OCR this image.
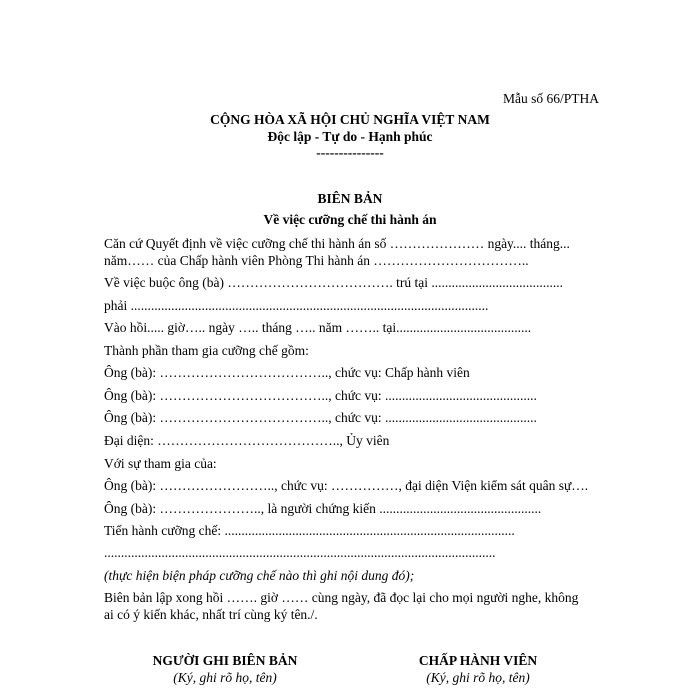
Mẫu số 66/PTHA
CỘNG HÒA XÃ HỘI CHỦ NGHĨA VIỆT NAM
Độc lập - Tự do - Hạnh phúc
---------------
BIÊN BẢN
Về việc cưỡng chế thi hành án
Căn cứ Quyết định về việc cưỡng chế thi hành án số ………………… ngày.... tháng...
năm…… của Chấp hành viên Phòng Thi hành án ……………………………..
Về việc buộc ông (bà) ………………………………. trú tại .......................................
phải ..........................................................................................................
Vào hồi..... giờ….. ngày ….. tháng ….. năm …….. tại........................................
Thành phần tham gia cưỡng chế gồm:
Ông (bà): ……………………………….., chức vụ: Chấp hành viên
Ông (bà): ……………………………….., chức vụ: .............................................
Ông (bà): ……………………………….., chức vụ: .............................................
Đại diện: ………………………………….., Ủy viên
Với sự tham gia của:
Ông (bà): …………………….., chức vụ: ……………, đại diện Viện kiểm sát quân sự….
Ông (bà): ………………….., là người chứng kiến ................................................
Tiến hành cưỡng chế: ......................................................................................
....................................................................................................................
(thực hiện biện pháp cưỡng chế nào thì ghi nội dung đó);
Biên bản lập xong hồi ……. giờ …… cùng ngày, đã đọc lại cho mọi người nghe, không
ai có ý kiến khác, nhất trí cùng ký tên./.
NGƯỜI GHI BIÊN BẢN
(Ký, ghi rõ họ, tên)
CHẤP HÀNH VIÊN
(Ký, ghi rõ họ, tên)
